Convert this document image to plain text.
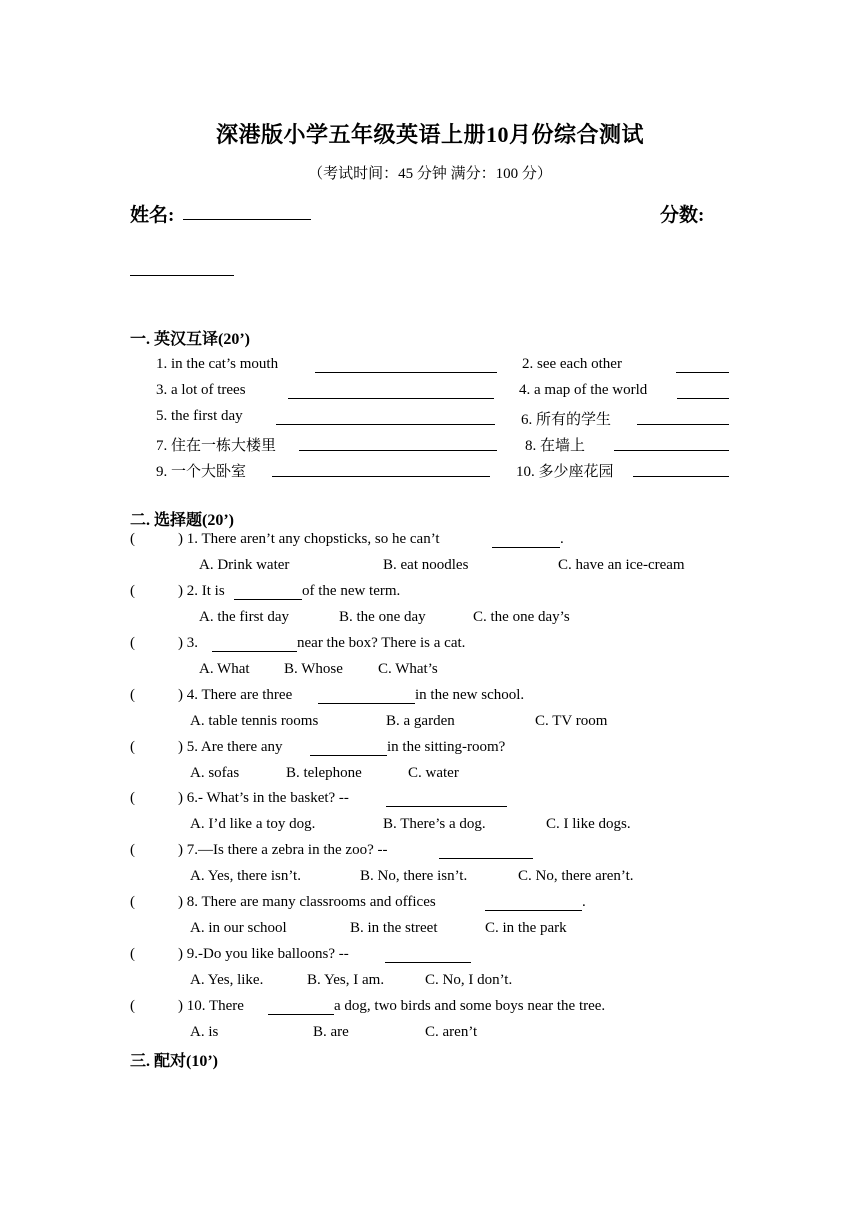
深港版小学五年级英语上册10月份综合测试
（考试时间：45 分钟 满分：100 分）
姓名:	分数:
一. 英汉互译(20’)
1. in the cat’s mouth	2. see each other
3. a lot of trees	4. a map of the world
5. the first day	6. 所有的学生
7. 住在一栋大楼里	8. 在墙上
9. 一个大卧室	10. 多少座花园
二. 选择题(20’)
(	) 1. There aren’t any chopsticks, so he can’t	.
A. Drink water	B. eat noodles	C. have an ice-cream
(	) 2. It is	of the new term.
A. the first day	B. the one day	C. the one day’s
(	) 3.	near the box? There is a cat.
A. What B. Whose C. What’s
(	) 4. There are three	in the new school.
A. table tennis rooms	B. a garden	C. TV room
(	) 5. Are there any	in the sitting-room?
A. sofas	B. telephone	C. water
(	) 6.- What’s in the basket? --
A. I’d like a toy dog.	B. There’s a dog.	C. I like dogs.
(	) 7.—Is there a zebra in the zoo? --
A. Yes, there isn’t.	B. No, there isn’t.	C. No, there aren’t.
(	) 8. There are many classrooms and offices	.
A. in our school	B. in the street	C. in the park
(	) 9.-Do you like balloons? --
A. Yes, like.	B. Yes, I am.	C. No, I don’t.
(	) 10. There	a dog, two birds and some boys near the tree.
A. is	B. are	C. aren’t
三. 配对(10’)
